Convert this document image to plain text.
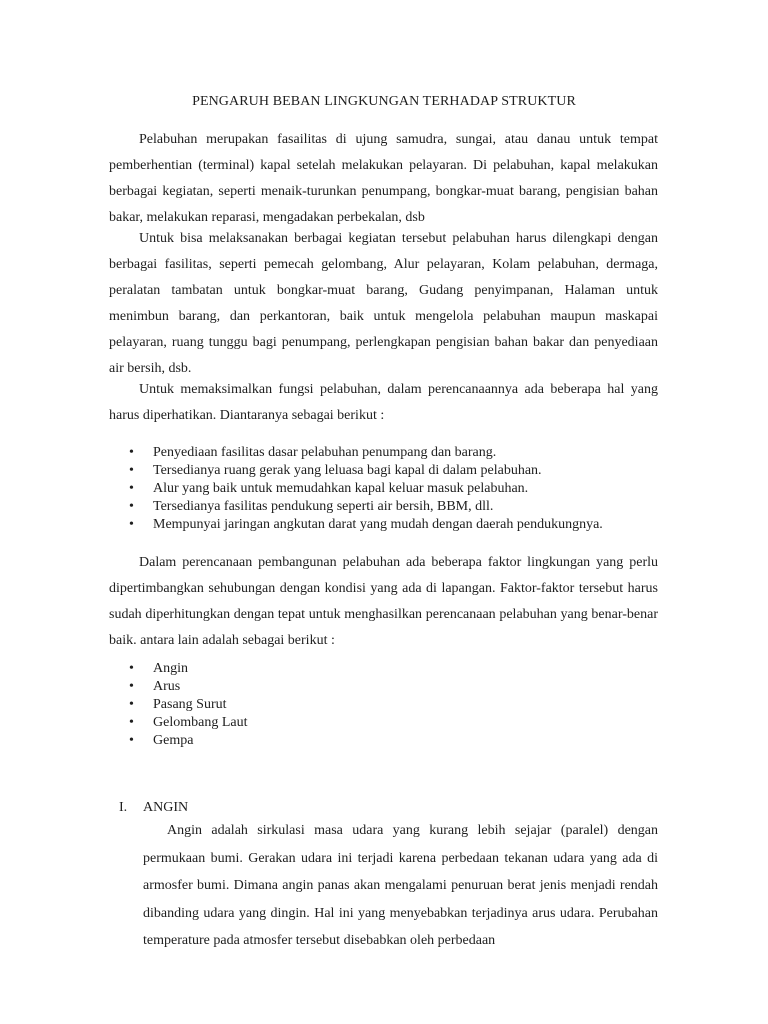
PENGARUH BEBAN LINGKUNGAN TERHADAP STRUKTUR

Pelabuhan merupakan fasailitas di ujung samudra, sungai, atau danau untuk tempat pemberhentian (terminal) kapal setelah melakukan pelayaran. Di pelabuhan, kapal melakukan berbagai kegiatan, seperti menaik-turunkan penumpang, bongkar-muat barang, pengisian bahan bakar, melakukan reparasi, mengadakan perbekalan, dsb

Untuk bisa melaksanakan berbagai kegiatan tersebut pelabuhan harus dilengkapi dengan berbagai fasilitas, seperti pemecah gelombang, Alur pelayaran, Kolam pelabuhan, dermaga, peralatan tambatan untuk bongkar-muat barang, Gudang penyimpanan, Halaman untuk menimbun barang, dan perkantoran, baik untuk mengelola pelabuhan maupun maskapai pelayaran, ruang tunggu bagi penumpang, perlengkapan pengisian bahan bakar dan penyediaan air bersih, dsb.

Untuk memaksimalkan fungsi pelabuhan, dalam perencanaannya ada beberapa hal yang harus diperhatikan. Diantaranya sebagai berikut :

• Penyediaan fasilitas dasar pelabuhan penumpang dan barang.
• Tersedianya ruang gerak yang leluasa bagi kapal di dalam pelabuhan.
• Alur yang baik untuk memudahkan kapal keluar masuk pelabuhan.
• Tersedianya fasilitas pendukung seperti air bersih, BBM, dll.
• Mempunyai jaringan angkutan darat yang mudah dengan daerah pendukungnya.

Dalam perencanaan pembangunan pelabuhan ada beberapa faktor lingkungan yang perlu dipertimbangkan sehubungan dengan kondisi yang ada di lapangan. Faktor-faktor tersebut harus sudah diperhitungkan dengan tepat untuk menghasilkan perencanaan pelabuhan yang benar-benar baik. antara lain adalah sebagai berikut :

• Angin
• Arus
• Pasang Surut
• Gelombang Laut
• Gempa
I. ANGIN

Angin adalah sirkulasi masa udara yang kurang lebih sejajar (paralel) dengan permukaan bumi. Gerakan udara ini terjadi karena perbedaan tekanan udara yang ada di armosfer bumi. Dimana angin panas akan mengalami penuruan berat jenis menjadi rendah dibanding udara yang dingin. Hal ini yang menyebabkan terjadinya arus udara. Perubahan temperature pada atmosfer tersebut disebabkan oleh perbedaan
